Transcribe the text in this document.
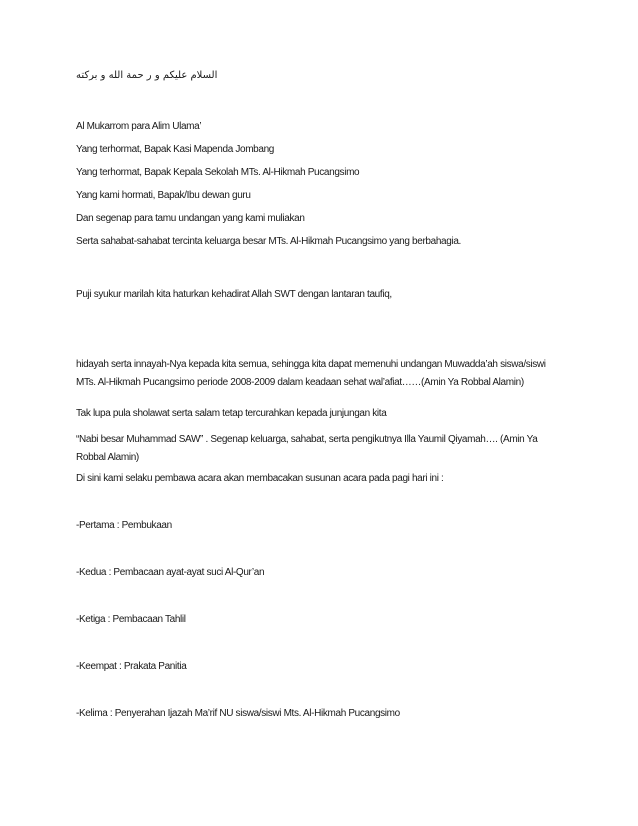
السلام عليكم و ر حمة الله و بركته
Al Mukarrom para Alim Ulama’
Yang terhormat, Bapak Kasi Mapenda Jombang
Yang terhormat, Bapak Kepala Sekolah MTs. Al-Hikmah Pucangsimo
Yang kami hormati, Bapak/Ibu dewan guru
Dan segenap para tamu undangan yang kami muliakan
Serta sahabat-sahabat tercinta keluarga besar MTs. Al-Hikmah Pucangsimo yang berbahagia.
Puji syukur marilah kita haturkan kehadirat Allah SWT dengan lantaran taufiq,
hidayah serta innayah-Nya kepada kita semua, sehingga kita dapat memenuhi undangan Muwadda’ah siswa/siswi MTs. Al-Hikmah Pucangsimo periode 2008-2009 dalam keadaan sehat wal’afiat……(Amin Ya Robbal Alamin)
Tak lupa pula sholawat serta salam tetap tercurahkan kepada junjungan kita
“Nabi besar Muhammad SAW” . Segenap keluarga, sahabat, serta pengikutnya Illa Yaumil Qiyamah…. (Amin Ya Robbal Alamin)
Di sini kami selaku pembawa acara akan membacakan susunan acara pada pagi hari ini :
-Pertama : Pembukaan
-Kedua : Pembacaan ayat-ayat suci Al-Qur’an
-Ketiga : Pembacaan Tahlil
-Keempat : Prakata Panitia
-Kelima : Penyerahan Ijazah Ma’rif NU siswa/siswi Mts. Al-Hikmah Pucangsimo
